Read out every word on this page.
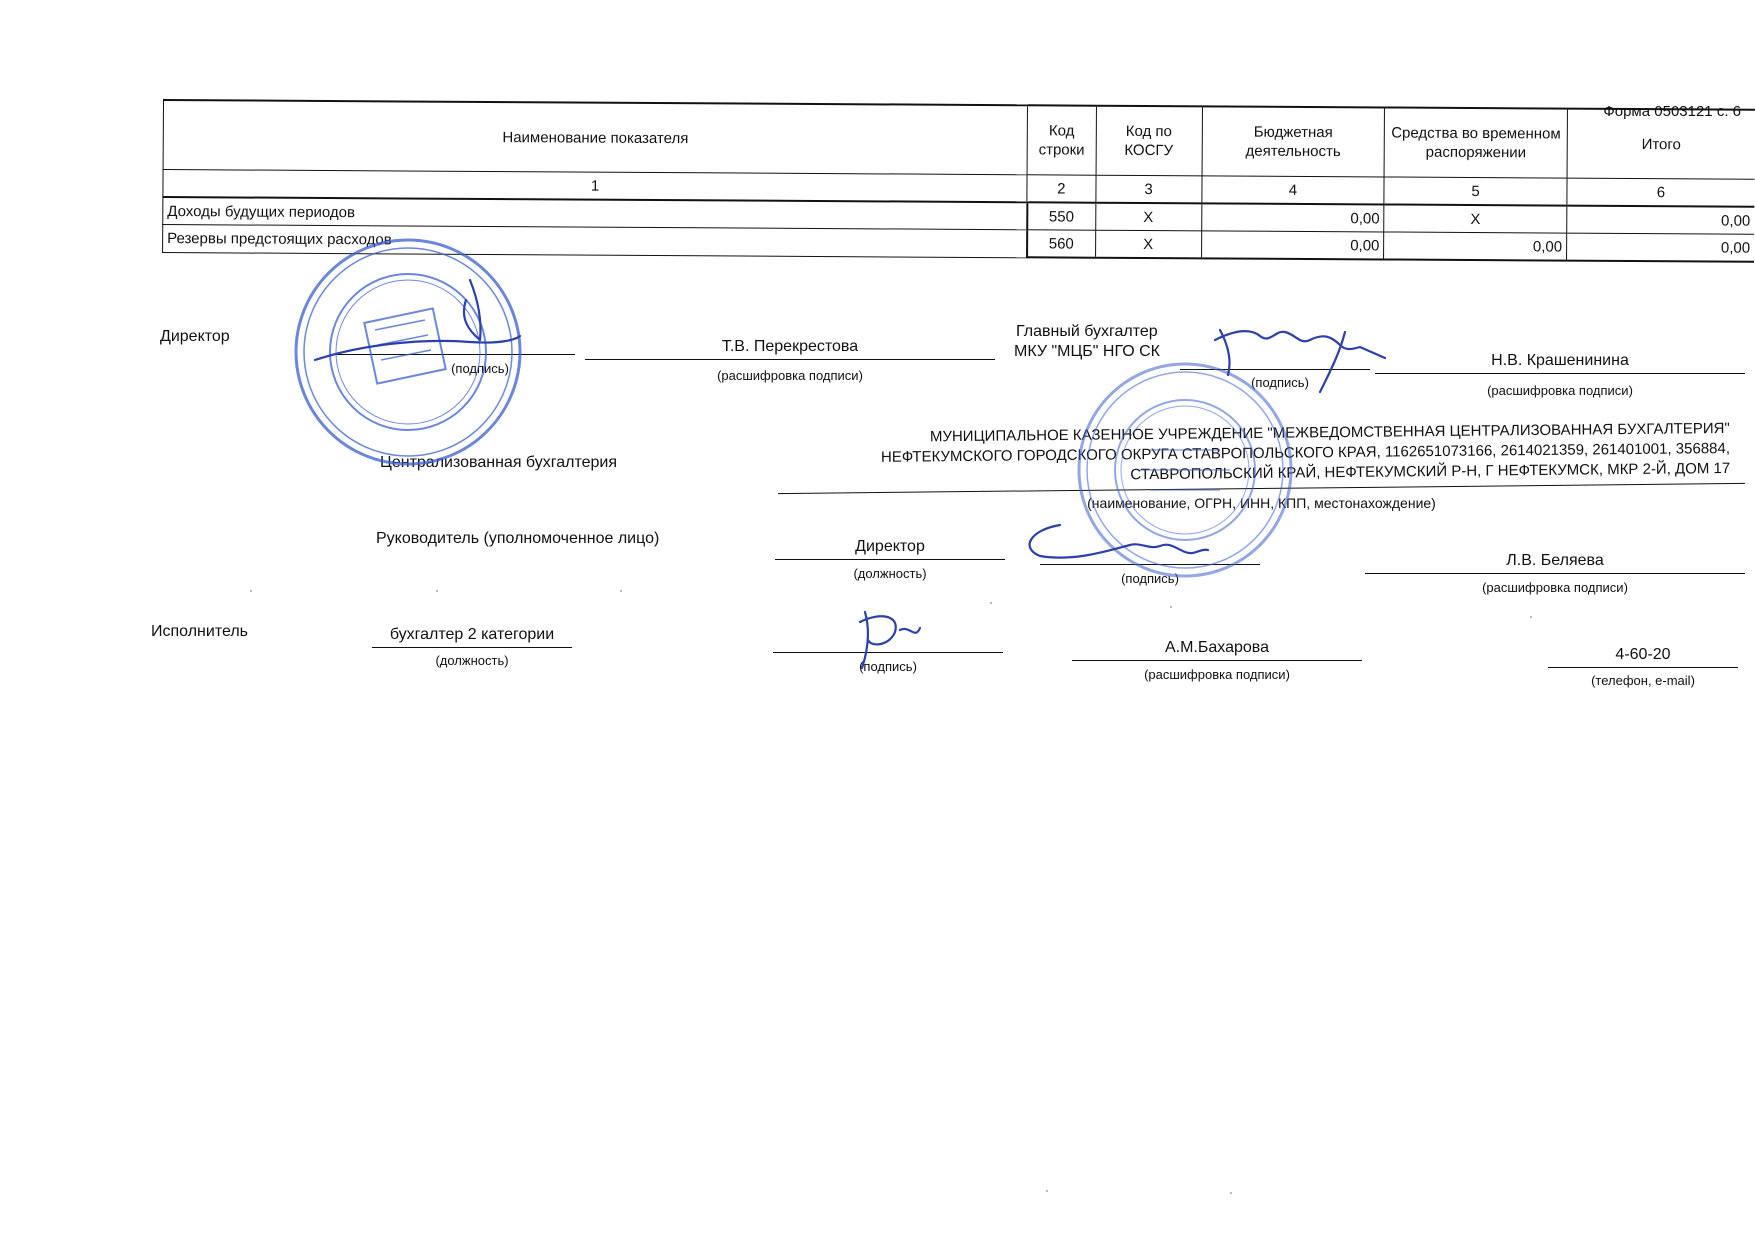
Форма 0503121 с. 6
Наименование показателя	Код строки	Код по КОСГУ	Бюджетная деятельность	Средства во временном распоряжении	Итого
1	2	3	4	5	6
Доходы будущих периодов	550	X	0,00	X	0,00
Резервы предстоящих расходов	560	X	0,00	0,00	0,00
Директор
(подпись)
Т.В. Перекрестова
(расшифровка подписи)
Главный бухгалтер
МКУ "МЦБ" НГО СК
(подпись)
Н.В. Крашенинина
(расшифровка подписи)
Централизованная бухгалтерия
МУНИЦИПАЛЬНОЕ КАЗЕННОЕ УЧРЕЖДЕНИЕ "МЕЖВЕДОМСТВЕННАЯ ЦЕНТРАЛИЗОВАННАЯ БУХГАЛТЕРИЯ"
НЕФТЕКУМСКОГО ГОРОДСКОГО ОКРУГА СТАВРОПОЛЬСКОГО КРАЯ, 1162651073166, 2614021359, 261401001, 356884,
СТАВРОПОЛЬСКИЙ КРАЙ, НЕФТЕКУМСКИЙ Р-Н, Г НЕФТЕКУМСК, МКР 2-Й, ДОМ 17
(наименование, ОГРН, ИНН, КПП, местонахождение)
Руководитель (уполномоченное лицо)	Директор
(должность)	(подпись)
Л.В. Беляева
(расшифровка подписи)
Исполнитель	бухгалтер 2 категории
(должность)	(подпись)
А.М.Бахарова
(расшифровка подписи)
4-60-20
(телефон, e-mail)
